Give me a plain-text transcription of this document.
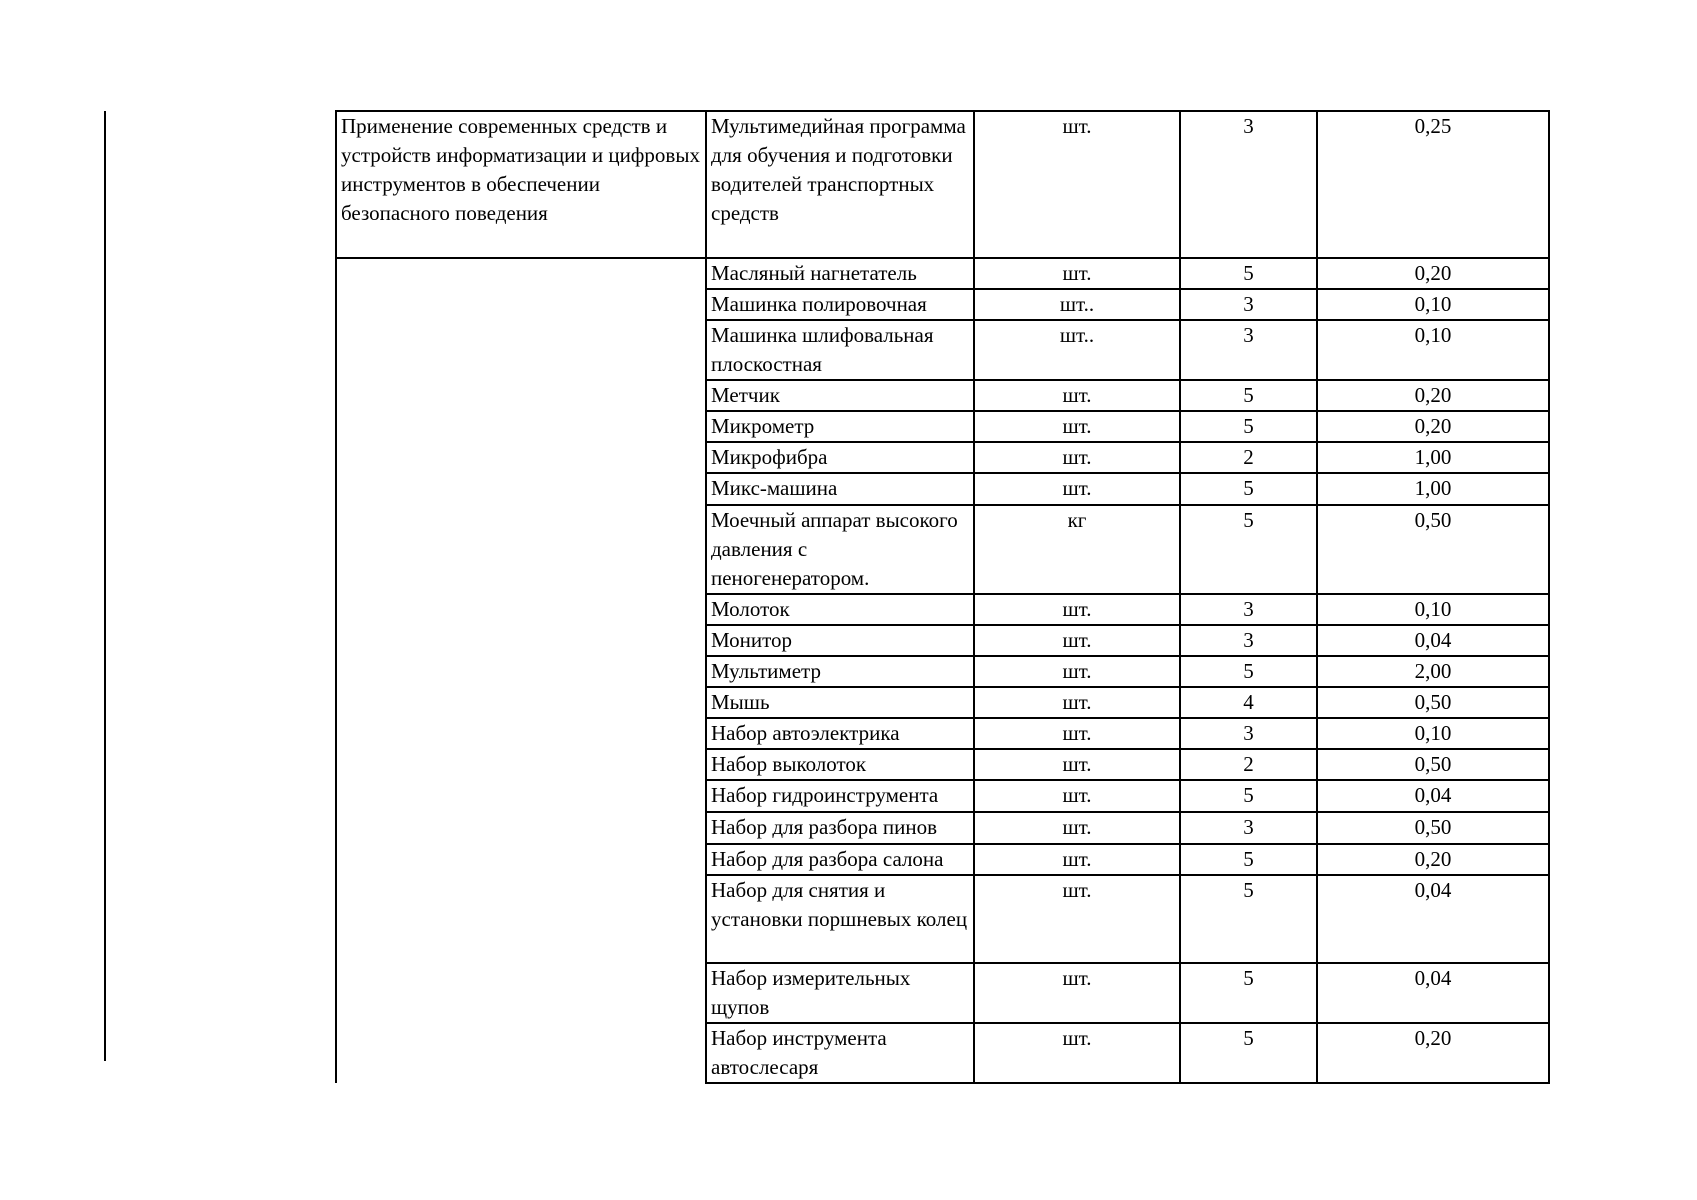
Применение современных средств и устройств информатизации и цифровых инструментов в обеспечении безопасного поведения	Мультимедийная программа для обучения и подготовки водителей транспортных средств	шт.	3	0,25
	Масляный нагнетатель	шт.	5	0,20
	Машинка полировочная	шт..	3	0,10
	Машинка шлифовальная плоскостная	шт..	3	0,10
	Метчик	шт.	5	0,20
	Микрометр	шт.	5	0,20
	Микрофибра	шт.	2	1,00
	Микс-машина	шт.	5	1,00
	Моечный аппарат высокого давления с пеногенератором.	кг	5	0,50
	Молоток	шт.	3	0,10
	Монитор	шт.	3	0,04
	Мультиметр	шт.	5	2,00
	Мышь	шт.	4	0,50
	Набор автоэлектрика	шт.	3	0,10
	Набор выколоток	шт.	2	0,50
	Набор гидроинструмента	шт.	5	0,04
	Набор для разбора пинов	шт.	3	0,50
	Набор для разбора салона	шт.	5	0,20
	Набор для снятия и установки поршневых колец	шт.	5	0,04
	Набор измерительных щупов	шт.	5	0,04
	Набор инструмента автослесаря	шт.	5	0,20
